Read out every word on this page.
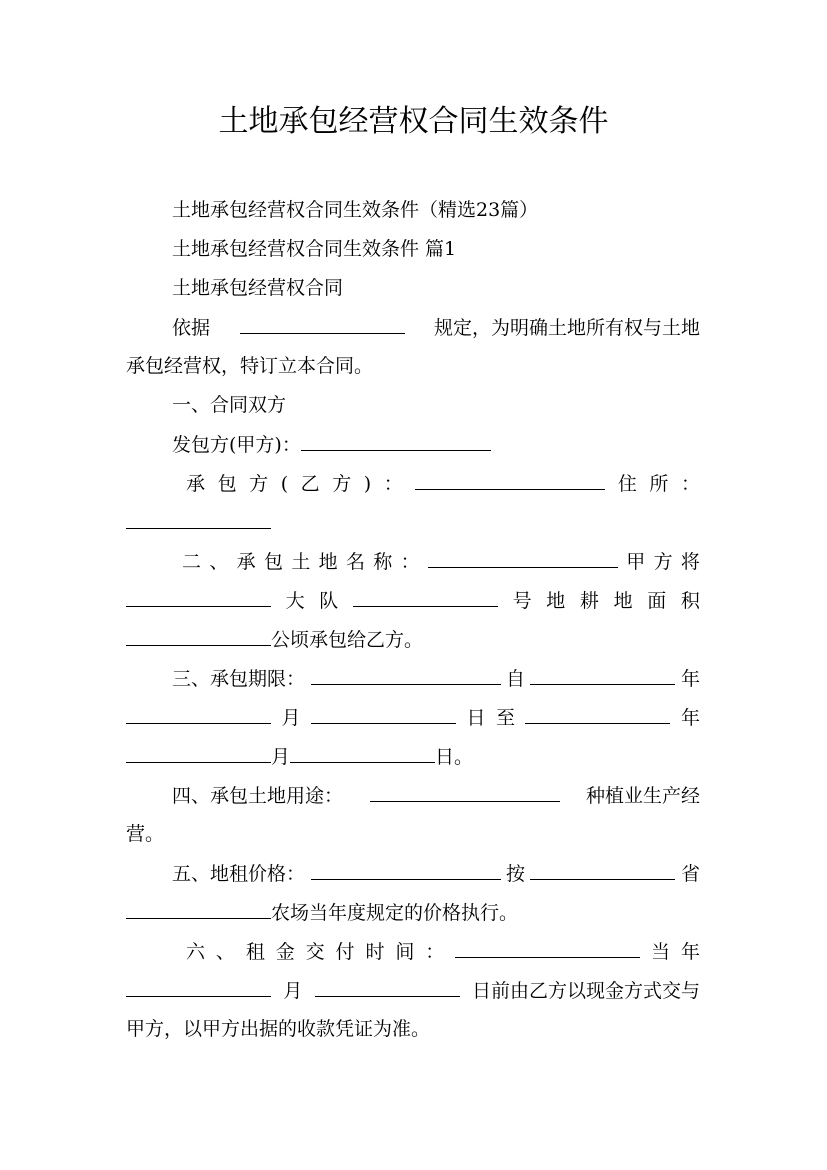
土地承包经营权合同生效条件
土地承包经营权合同生效条件（精选23篇）
土地承包经营权合同生效条件 篇1
土地承包经营权合同
依据	规定，为明确土地所有权与土地
承包经营权，特订立本合同。
一、合同双方
发包方(甲方)：
承 包 方 ( 乙 方 ) ：	住 所 ：
二 、 承 包 土 地 名 称 ：	甲 方 将
大 队	号 地 耕 地 面 积
公顷承包给乙方。
三、承包期限：	自	年
月	日 至	年
月	日。
四、承包土地用途：	种植业生产经
营。
五、地租价格：	按	省
农场当年度规定的价格执行。
六 、 租 金 交 付 时 间 ：	当 年
月	日前由乙方以现金方式交与
甲方，以甲方出据的收款凭证为准。
